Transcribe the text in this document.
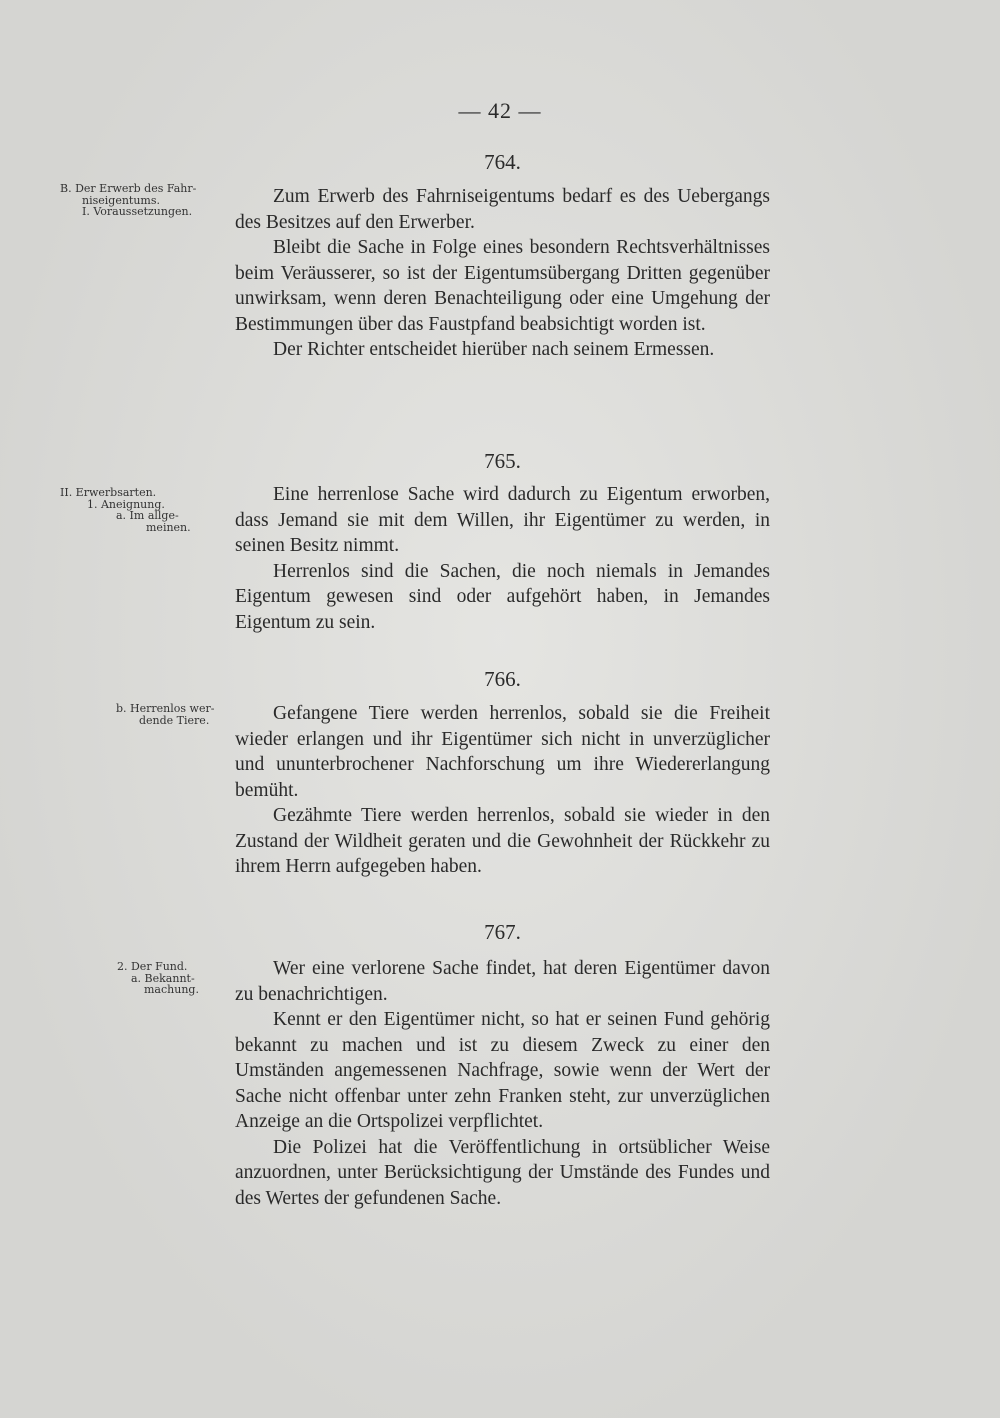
— 42 —
B. Der Erwerb des Fahr-
niseigentums.
I. Voraussetzungen.
II. Erwerbsarten.
1. Aneignung.
a. Im allge-
meinen.
b. Herrenlos wer-
dende Tiere.
2. Der Fund.
a. Bekannt-
machung.
764.

Zum Erwerb des Fahrniseigentums bedarf es des Uebergangs des Besitzes auf den Erwerber.

Bleibt die Sache in Folge eines besondern Rechtsverhältnisses beim Veräusserer, so ist der Eigentumsübergang Dritten gegenüber unwirksam, wenn deren Benachteiligung oder eine Umgehung der Bestimmungen über das Faustpfand beabsichtigt worden ist.

Der Richter entscheidet hierüber nach seinem Ermessen.

765.

Eine herrenlose Sache wird dadurch zu Eigentum erworben, dass Jemand sie mit dem Willen, ihr Eigentümer zu werden, in seinen Besitz nimmt.

Herrenlos sind die Sachen, die noch niemals in Jemandes Eigentum gewesen sind oder aufgehört haben, in Jemandes Eigentum zu sein.

766.

Gefangene Tiere werden herrenlos, sobald sie die Freiheit wieder erlangen und ihr Eigentümer sich nicht in unverzüglicher und ununterbrochener Nachforschung um ihre Wiedererlangung bemüht.

Gezähmte Tiere werden herrenlos, sobald sie wieder in den Zustand der Wildheit geraten und die Gewohnheit der Rückkehr zu ihrem Herrn aufgegeben haben.

767.

Wer eine verlorene Sache findet, hat deren Eigentümer davon zu benachrichtigen.

Kennt er den Eigentümer nicht, so hat er seinen Fund gehörig bekannt zu machen und ist zu diesem Zweck zu einer den Umständen angemessenen Nachfrage, sowie wenn der Wert der Sache nicht offenbar unter zehn Franken steht, zur unverzüglichen Anzeige an die Ortspolizei verpflichtet.

Die Polizei hat die Veröffentlichung in ortsüblicher Weise anzuordnen, unter Berücksichtigung der Umstände des Fundes und des Wertes der gefundenen Sache.
